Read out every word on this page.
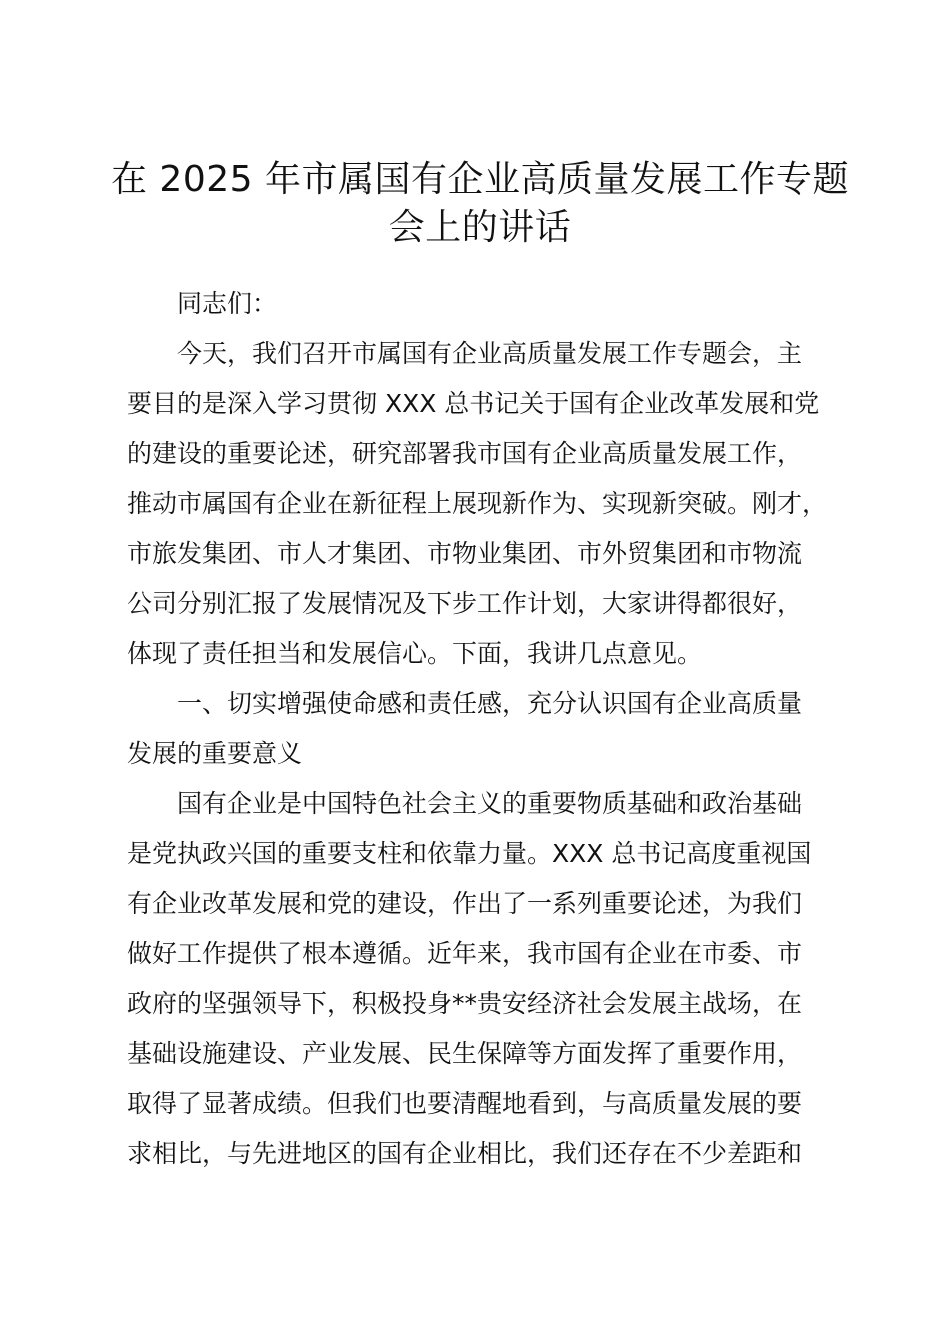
在 2025 年市属国有企业高质量发展工作专题
会上的讲话
同志们：
今天，我们召开市属国有企业高质量发展工作专题会，主
要目的是深入学习贯彻 XXX 总书记关于国有企业改革发展和党
的建设的重要论述，研究部署我市国有企业高质量发展工作，
推动市属国有企业在新征程上展现新作为、实现新突破。刚才，
市旅发集团、市人才集团、市物业集团、市外贸集团和市物流
公司分别汇报了发展情况及下步工作计划，大家讲得都很好，
体现了责任担当和发展信心。下面，我讲几点意见。
一、切实增强使命感和责任感，充分认识国有企业高质量
发展的重要意义
国有企业是中国特色社会主义的重要物质基础和政治基础
是党执政兴国的重要支柱和依靠力量。XXX 总书记高度重视国
有企业改革发展和党的建设，作出了一系列重要论述，为我们
做好工作提供了根本遵循。近年来，我市国有企业在市委、市
政府的坚强领导下，积极投身**贵安经济社会发展主战场，在
基础设施建设、产业发展、民生保障等方面发挥了重要作用，
取得了显著成绩。但我们也要清醒地看到，与高质量发展的要
求相比，与先进地区的国有企业相比，我们还存在不少差距和
